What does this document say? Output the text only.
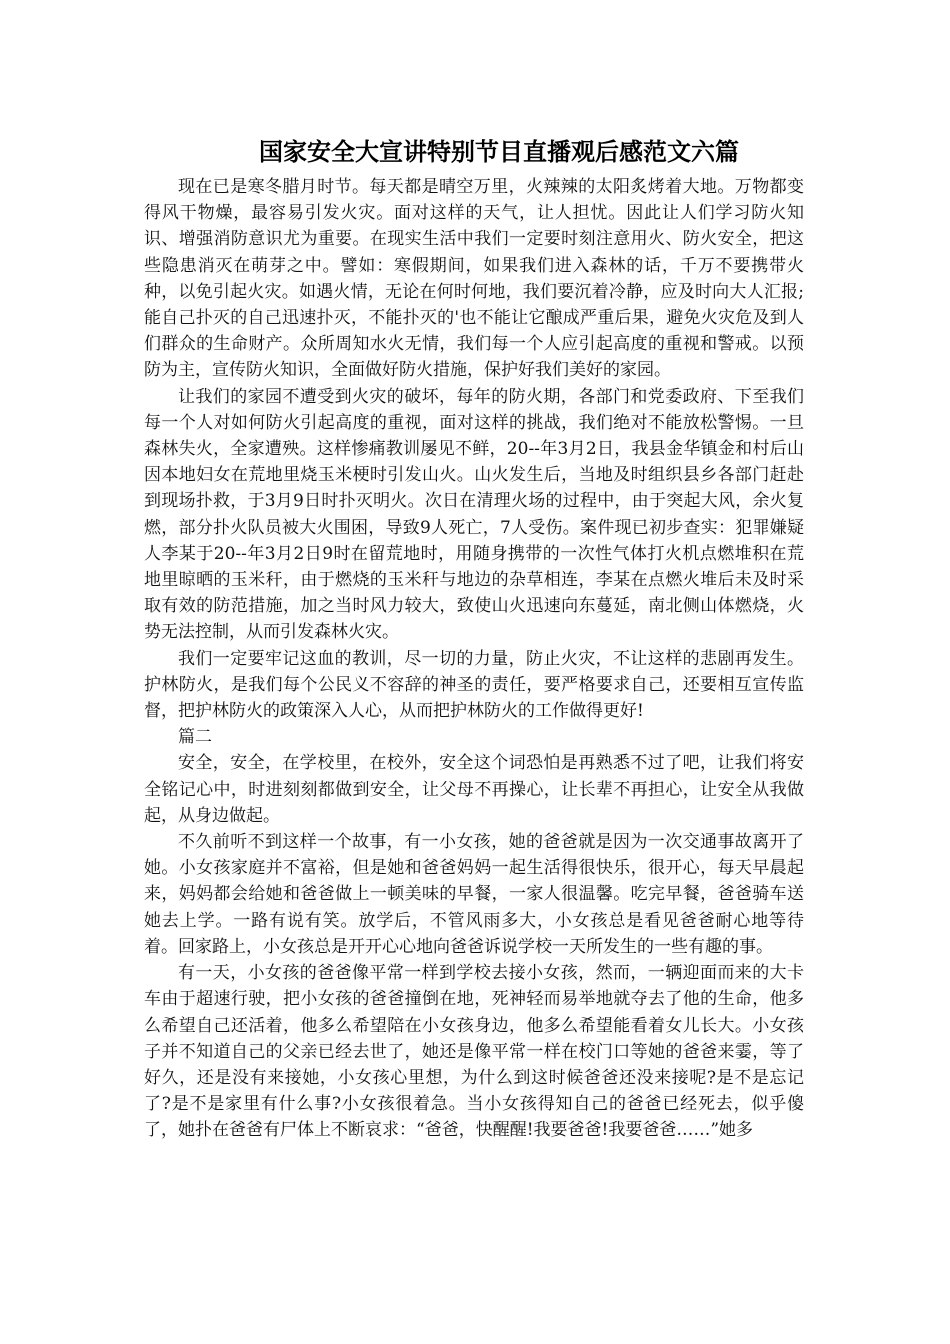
国家安全大宣讲特别节目直播观后感范文六篇

现在已是寒冬腊月时节。每天都是晴空万里，火辣辣的太阳炙烤着大地。万物都变得风干物燥，最容易引发火灾。面对这样的天气，让人担忧。因此让人们学习防火知识、增强消防意识尤为重要。在现实生活中我们一定要时刻注意用火、防火安全，把这些隐患消灭在萌芽之中。譬如：寒假期间，如果我们进入森林的话，千万不要携带火种，以免引起火灾。如遇火情，无论在何时何地，我们要沉着冷静，应及时向大人汇报;能自己扑灭的自己迅速扑灭，不能扑灭的'也不能让它酿成严重后果，避免火灾危及到人们群众的生命财产。众所周知水火无情，我们每一个人应引起高度的重视和警戒。以预防为主，宣传防火知识，全面做好防火措施，保护好我们美好的家园。

让我们的家园不遭受到火灾的破坏，每年的防火期，各部门和党委政府、下至我们每一个人对如何防火引起高度的重视，面对这样的挑战，我们绝对不能放松警惕。一旦森林失火，全家遭殃。这样惨痛教训屡见不鲜，20--年3月2日，我县金华镇金和村后山因本地妇女在荒地里烧玉米梗时引发山火。山火发生后，当地及时组织县乡各部门赶赴到现场扑救，于3月9日时扑灭明火。次日在清理火场的过程中，由于突起大风，余火复燃，部分扑火队员被大火围困，导致9人死亡，7人受伤。案件现已初步查实：犯罪嫌疑人李某于20--年3月2日9时在留荒地时，用随身携带的一次性气体打火机点燃堆积在荒地里晾晒的玉米秆，由于燃烧的玉米秆与地边的杂草相连，李某在点燃火堆后未及时采取有效的防范措施，加之当时风力较大，致使山火迅速向东蔓延，南北侧山体燃烧，火势无法控制，从而引发森林火灾。

我们一定要牢记这血的教训，尽一切的力量，防止火灾，不让这样的悲剧再发生。护林防火，是我们每个公民义不容辞的神圣的责任，要严格要求自己，还要相互宣传监督，把护林防火的政策深入人心，从而把护林防火的工作做得更好!

篇二

安全，安全，在学校里，在校外，安全这个词恐怕是再熟悉不过了吧，让我们将安全铭记心中，时进刻刻都做到安全，让父母不再操心，让长辈不再担心，让安全从我做起，从身边做起。

不久前听不到这样一个故事，有一小女孩，她的爸爸就是因为一次交通事故离开了她。小女孩家庭并不富裕，但是她和爸爸妈妈一起生活得很快乐，很开心，每天早晨起来，妈妈都会给她和爸爸做上一顿美味的早餐，一家人很温馨。吃完早餐，爸爸骑车送她去上学。一路有说有笑。放学后，不管风雨多大，小女孩总是看见爸爸耐心地等待着。回家路上，小女孩总是开开心心地向爸爸诉说学校一天所发生的一些有趣的事。

有一天，小女孩的爸爸像平常一样到学校去接小女孩，然而，一辆迎面而来的大卡车由于超速行驶，把小女孩的爸爸撞倒在地，死神轻而易举地就夺去了他的生命，他多么希望自己还活着，他多么希望陪在小女孩身边，他多么希望能看着女儿长大。小女孩子并不知道自己的父亲已经去世了，她还是像平常一样在校门口等她的爸爸来霎，等了好久，还是没有来接她，小女孩心里想，为什么到这时候爸爸还没来接呢?是不是忘记了?是不是家里有什么事?小女孩很着急。当小女孩得知自己的爸爸已经死去，似乎傻了，她扑在爸爸有尸体上不断哀求：“爸爸，快醒醒!我要爸爸!我要爸爸……”她多
